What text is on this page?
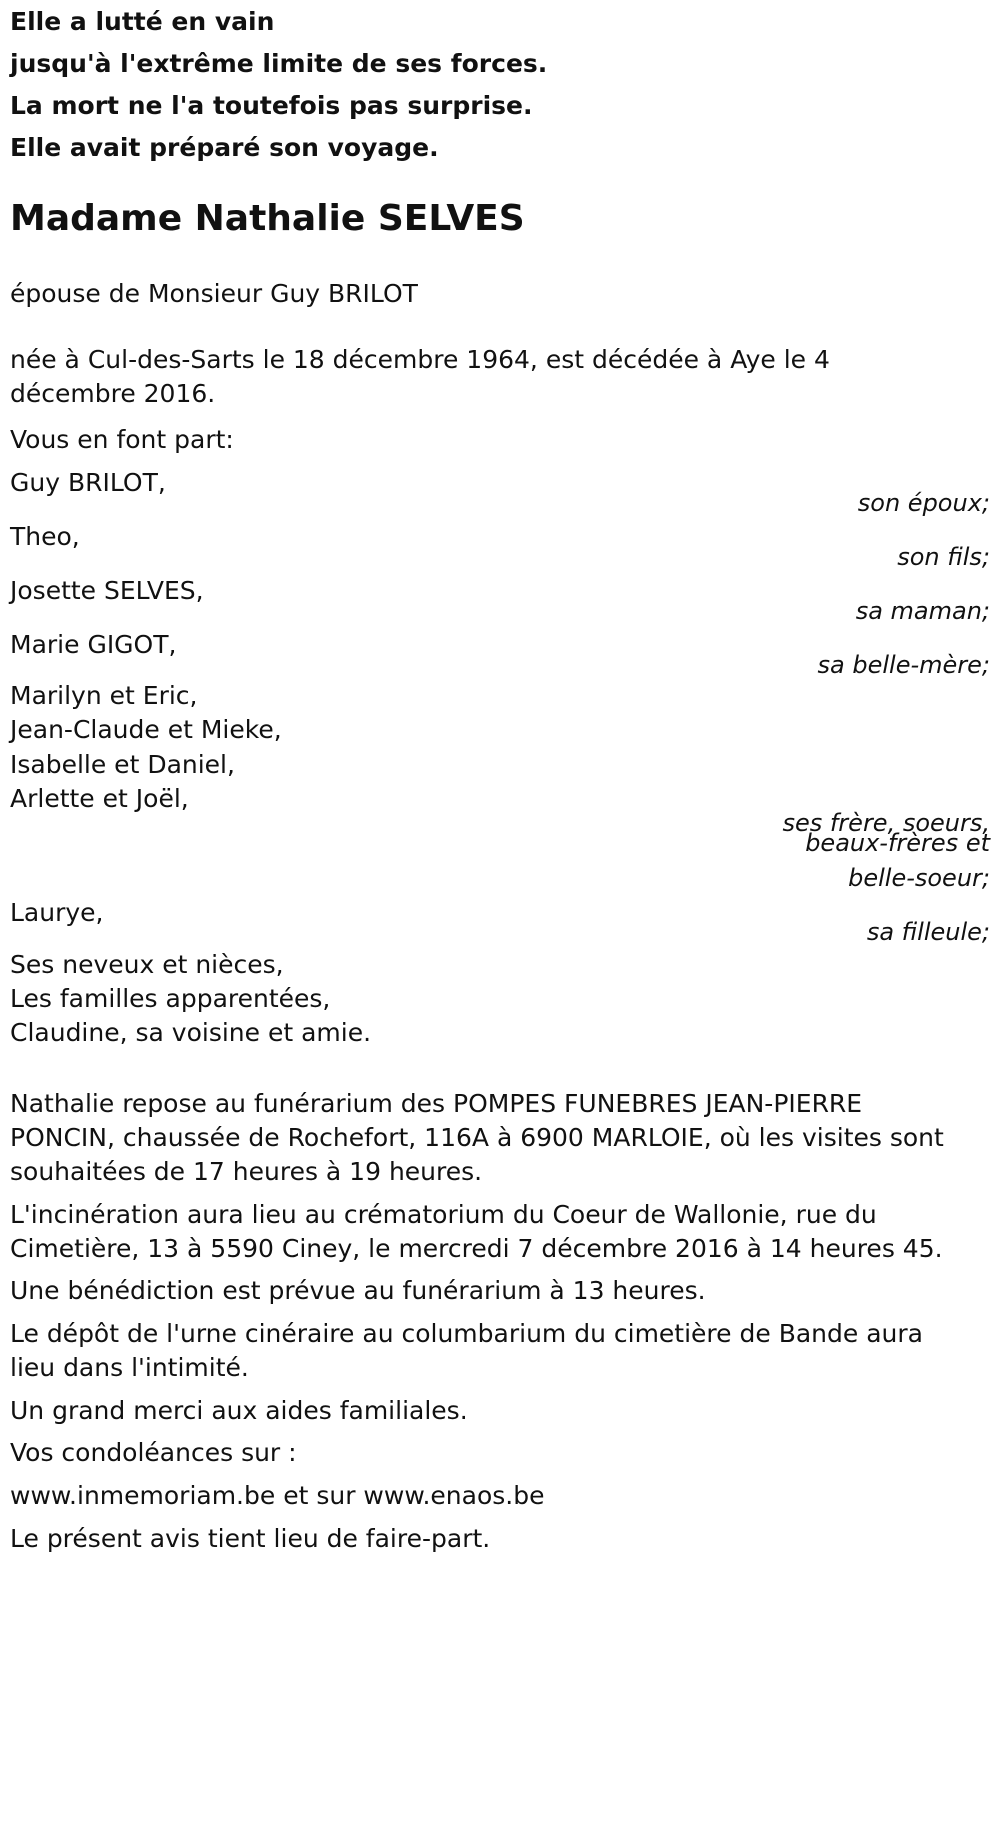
Elle a lutté en vain

jusqu'à l'extrême limite de ses forces.

La mort ne l'a toutefois pas surprise.

Elle avait préparé son voyage.

Madame Nathalie SELVES

épouse de Monsieur Guy BRILOT

née à Cul-des-Sarts le 18 décembre 1964, est décédée à Aye le 4 décembre 2016.

Vous en font part:

Guy BRILOT,

son époux;

Theo,

son fils;

Josette SELVES,

sa maman;

Marie GIGOT,

sa belle-mère;

Marilyn et Eric,

Jean-Claude et Mieke,

Isabelle et Daniel,

Arlette et Joël,

ses frère, soeurs,

beaux-frères et

belle-soeur;

Laurye,

sa filleule;

Ses neveux et nièces,

Les familles apparentées,

Claudine, sa voisine et amie.

Nathalie repose au funérarium des POMPES FUNEBRES JEAN-PIERRE

PONCIN, chaussée de Rochefort, 116A à 6900 MARLOIE, où les visites sont

souhaitées de 17 heures à 19 heures.

L'incinération aura lieu au crématorium du Coeur de Wallonie, rue du

Cimetière, 13 à 5590 Ciney, le mercredi 7 décembre 2016 à 14 heures 45.

Une bénédiction est prévue au funérarium à 13 heures.

Le dépôt de l'urne cinéraire au columbarium du cimetière de Bande aura

lieu dans l'intimité.

Un grand merci aux aides familiales.

Vos condoléances sur :

www.inmemoriam.be et sur www.enaos.be

Le présent avis tient lieu de faire-part.
